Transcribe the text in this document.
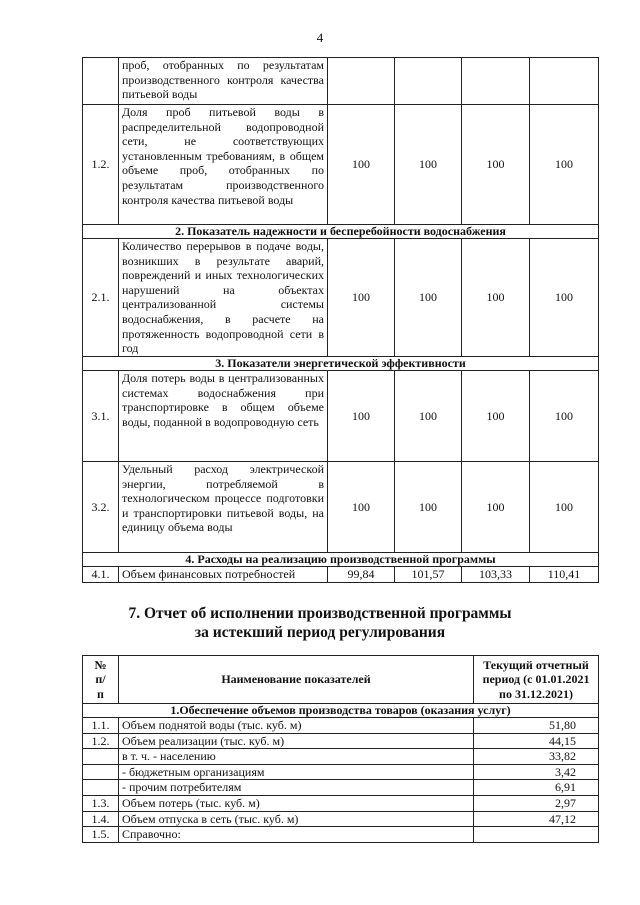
4
	проб, отобранных по результатам производственного контроля качества питьевой воды				
1.2.	Доля проб питьевой воды в распределительной водопроводной сети, не соответствующих установленным требованиям, в общем объеме проб, отобранных по результатам производственного контроля качества питьевой воды	100	100	100	100
2. Показатель надежности и бесперебойности водоснабжения					
2.1.	Количество перерывов в подаче воды, возникших в результате аварий, повреждений и иных технологических нарушений на объектах централизованной системы водоснабжения, в расчете на протяженность водопроводной сети в год	100	100	100	100
3. Показатели энергетической эффективности					
3.1.	Доля потерь воды в централизованных системах водоснабжения при транспортировке в общем объеме воды, поданной в водопроводную сеть	100	100	100	100
3.2.	Удельный расход электрической энергии, потребляемой в технологическом процессе подготовки и транспортировки питьевой воды, на единицу объема воды	100	100	100	100
4. Расходы на реализацию производственной программы					
4.1.	Объем финансовых потребностей	99,84	101,57	103,33	110,41
7. Отчет об исполнении производственной программы
за истекший период регулирования
№ п/п	Наименование показателей	Текущий отчетный период (с 01.01.2021 по 31.12.2021)
1.Обеспечение объемов производства товаров (оказания услуг)		
1.1.	Объем поднятой воды (тыс. куб. м)	51,80
1.2.	Объем реализации (тыс. куб. м)	44,15
	в т. ч. - населению	33,82
	- бюджетным организациям	3,42
	- прочим потребителям	6,91
1.3.	Объем потерь (тыс. куб. м)	2,97
1.4.	Объем отпуска в сеть (тыс. куб. м)	47,12
1.5.	Справочно:	
